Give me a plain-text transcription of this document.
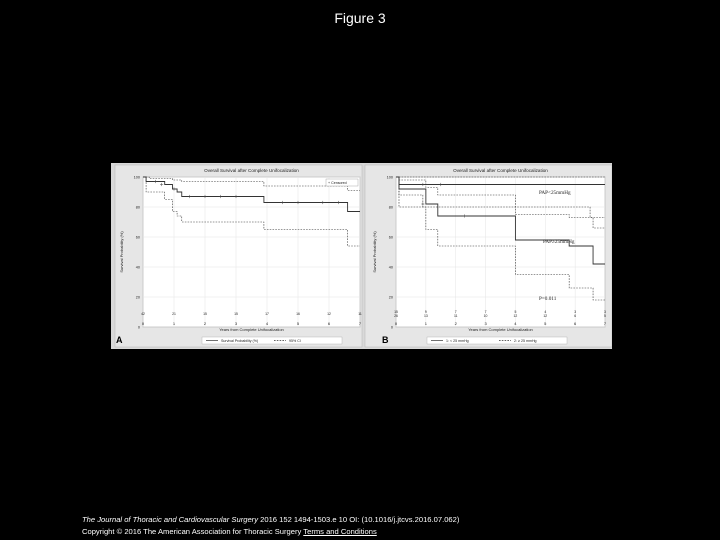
Figure 3
Overall Survival after Complete Unifocalization
0
20
40
60
80
100
0	1	2	3	4	5	6	7
Years from Complete Unifocalization
Survival Probability (%)
42	21	15	15	17	16	12	11
+ Censored
Survival Probability (%)	95% CI
A
Overall Survival after Complete Unifocalization
0
20
40
60
80
100
0	1	2	3	4	5	6	7
Years from Complete Unifocalization
Survival Probability (%)
15	9	7	7	5	4	3	3
26	13	11	10	12	12	6	5
1: < 25 mmHg	2: ≥ 25 mmHg
PAP<25mmHg
PAP≥25mmHg
P=0.011
B
The Journal of Thoracic and Cardiovascular Surgery 2016 152 1494-1503.e 10 OI: (10.1016/j.jtcvs.2016.07.062)
Copyright © 2016 The American Association for Thoracic Surgery Terms and Conditions
